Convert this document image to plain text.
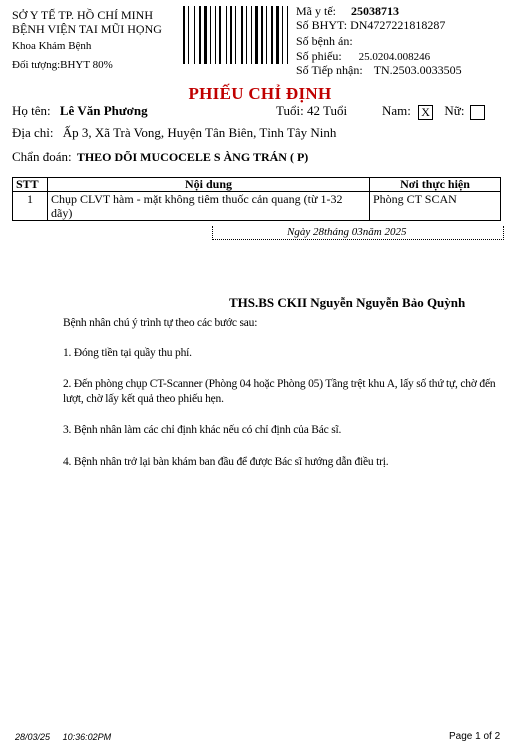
SỞ Y TẾ TP. HỒ CHÍ MINH
BỆNH VIỆN TAI MŨI HỌNG
Khoa Khám Bệnh
Đối tượng:BHYT 80%
Mã y tế: 25038713
Số BHYT: DN4727221818287
Số bệnh án:
Số phiếu: 25.0204.008246
Số Tiếp nhận: TN.2503.0033505
PHIẾU CHỈ ĐỊNH
Họ tên: Lê Văn Phương	Tuổi: 42 Tuổi	Nam: X Nữ:
Địa chỉ: Ấp 3, Xã Trà Vong, Huyện Tân Biên, Tỉnh Tây Ninh
Chẩn đoán: THEO DÕI MUCOCELE S ÀNG TRÁN ( P)
STT	Nội dung	Nơi thực hiện
1	Chụp CLVT hàm - mặt không tiêm thuốc cản quang (từ 1-32 dãy)	Phòng CT SCAN
Ngày 28tháng 03năm 2025
THS.BS CKII Nguyễn Nguyễn Bảo Quỳnh
Bệnh nhân chú ý trình tự theo các bước sau:
1. Đóng tiền tại quầy thu phí.
2. Đến phòng chụp CT-Scanner (Phòng 04 hoặc Phòng 05) Tầng trệt khu A, lấy số thứ tự, chờ đến lượt, chờ lấy kết quả theo phiếu hẹn.
3. Bệnh nhân làm các chỉ định khác nếu có chỉ định của Bác sĩ.
4. Bệnh nhân trở lại bàn khám ban đầu để được Bác sĩ hướng dẫn điều trị.
28/03/25 10:36:02PM	Page 1 of 2
